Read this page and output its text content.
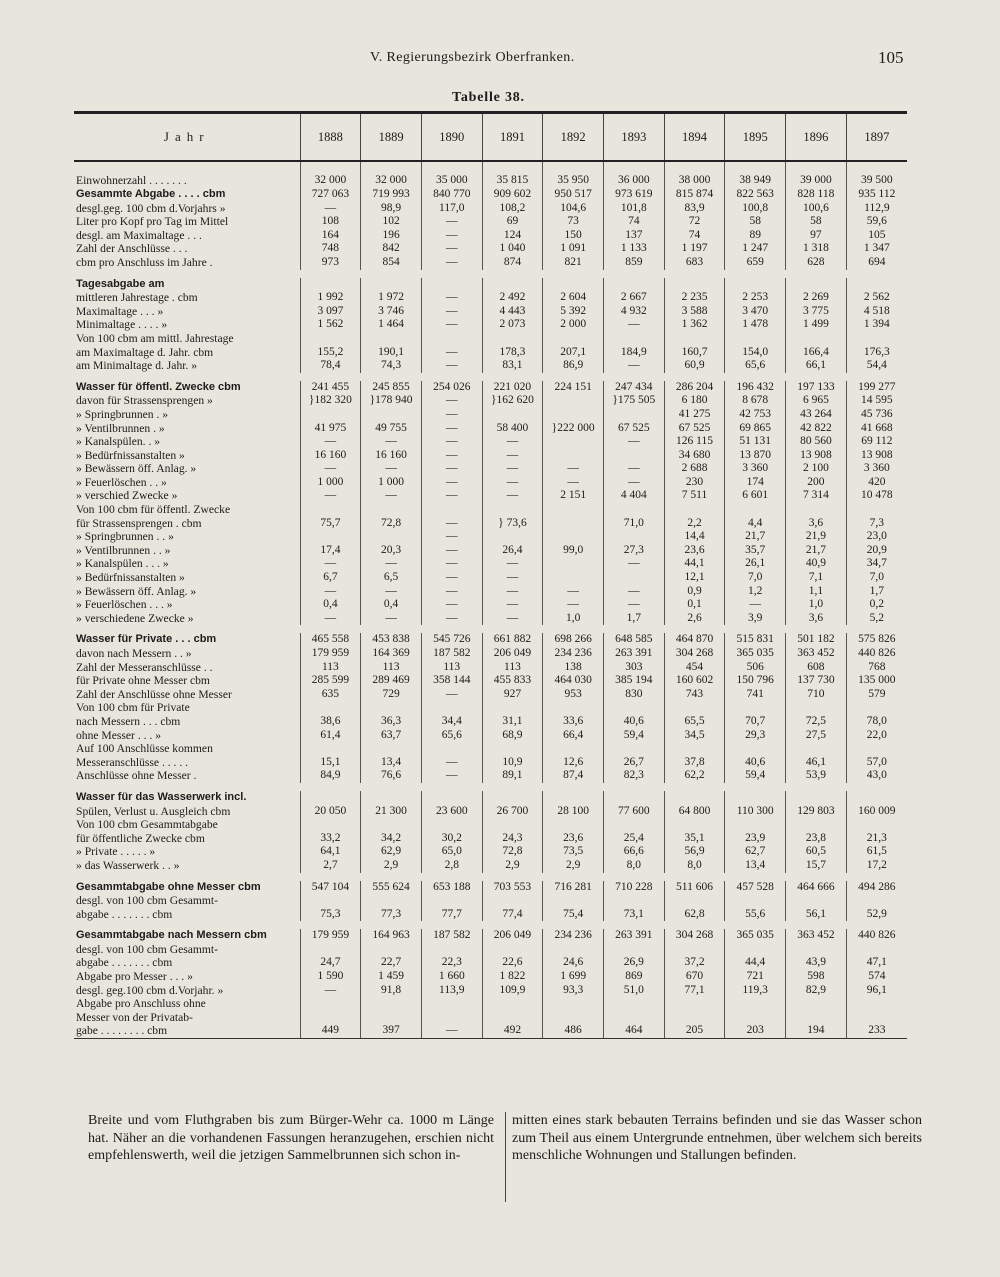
V. Regierungsbezirk Oberfranken.	105
Tabelle 38.
Jahr	1888	1889	1890	1891	1892	1893	1894	1895	1896	1897
Einwohnerzahl . . . . . . .	32 000	32 000	35 000	35 815	35 950	36 000	38 000	38 949	39 000	39 500
Gesammte Abgabe . . . . cbm	727 063	719 993	840 770	909 602	950 517	973 619	815 874	822 563	828 118	935 112
desgl.geg. 100 cbm d.Vorjahrs »	—	98,9	117,0	108,2	104,6	101,8	83,9	100,8	100,6	112,9
Liter pro Kopf pro Tag im Mittel	108	102	—	69	73	74	72	58	58	59,6
desgl. am Maximaltage . . .	164	196	—	124	150	137	74	89	97	105
Zahl der Anschlüsse . . .	748	842	—	1 040	1 091	1 133	1 197	1 247	1 318	1 347
cbm pro Anschluss im Jahre .	973	854	—	874	821	859	683	659	628	694

Tagesabgabe am										
mittleren Jahrestage . cbm	1 992	1 972	—	2 492	2 604	2 667	2 235	2 253	2 269	2 562
Maximaltage . . . »	3 097	3 746	—	4 443	5 392	4 932	3 588	3 470	3 775	4 518
Minimaltage . . . . »	1 562	1 464	—	2 073	2 000	—	1 362	1 478	1 499	1 394
Von 100 cbm am mittl. Jahrestage										
am Maximaltage d. Jahr. cbm	155,2	190,1	—	178,3	207,1	184,9	160,7	154,0	166,4	176,3
am Minimaltage d. Jahr. »	78,4	74,3	—	83,1	86,9	—	60,9	65,6	66,1	54,4

Wasser für öffentl. Zwecke cbm	241 455	245 855	254 026	221 020	224 151	247 434	286 204	196 432	197 133	199 277
davon für Strassensprengen »	}182 320	}178 940	—	}162 620		}175 505	6 180	8 678	6 965	14 595
» Springbrunnen . »			—				41 275	42 753	43 264	45 736
» Ventilbrunnen . »	41 975	49 755	—	58 400	}222 000	67 525	67 525	69 865	42 822	41 668
» Kanalspülen. . »	—	—	—	—		—	126 115	51 131	80 560	69 112
» Bedürfnissanstalten »	16 160	16 160	—	—			34 680	13 870	13 908	13 908
» Bewässern öff. Anlag. »	—	—	—	—	—	—	2 688	3 360	2 100	3 360
» Feuerlöschen . . »	1 000	1 000	—	—	—	—	230	174	200	420
» verschied Zwecke »	—	—	—	—	2 151	4 404	7 511	6 601	7 314	10 478
Von 100 cbm für öffentl. Zwecke										
für Strassensprengen . cbm	75,7	72,8	—	} 73,6		71,0	2,2	4,4	3,6	7,3
» Springbrunnen . . »			—				14,4	21,7	21,9	23,0
» Ventilbrunnen . . »	17,4	20,3	—	26,4	99,0	27,3	23,6	35,7	21,7	20,9
» Kanalspülen . . . »	—	—	—	—		—	44,1	26,1	40,9	34,7
» Bedürfnissanstalten »	6,7	6,5	—	—			12,1	7,0	7,1	7,0
» Bewässern öff. Anlag. »	—	—	—	—	—	—	0,9	1,2	1,1	1,7
» Feuerlöschen . . . »	0,4	0,4	—	—	—	—	0,1	—	1,0	0,2
» verschiedene Zwecke »	—	—	—	—	1,0	1,7	2,6	3,9	3,6	5,2

Wasser für Private . . . cbm	465 558	453 838	545 726	661 882	698 266	648 585	464 870	515 831	501 182	575 826
davon nach Messern . . »	179 959	164 369	187 582	206 049	234 236	263 391	304 268	365 035	363 452	440 826
Zahl der Messeranschlüsse . .	113	113	113	113	138	303	454	506	608	768
für Private ohne Messer cbm	285 599	289 469	358 144	455 833	464 030	385 194	160 602	150 796	137 730	135 000
Zahl der Anschlüsse ohne Messer	635	729	—	927	953	830	743	741	710	579
Von 100 cbm für Private										
nach Messern . . . cbm	38,6	36,3	34,4	31,1	33,6	40,6	65,5	70,7	72,5	78,0
ohne Messer . . . »	61,4	63,7	65,6	68,9	66,4	59,4	34,5	29,3	27,5	22,0
Auf 100 Anschlüsse kommen										
Messeranschlüsse . . . . .	15,1	13,4	—	10,9	12,6	26,7	37,8	40,6	46,1	57,0
Anschlüsse ohne Messer .	84,9	76,6	—	89,1	87,4	82,3	62,2	59,4	53,9	43,0

Wasser für das Wasserwerk incl.										
Spülen, Verlust u. Ausgleich cbm	20 050	21 300	23 600	26 700	28 100	77 600	64 800	110 300	129 803	160 009
Von 100 cbm Gesammtabgabe										
für öffentliche Zwecke cbm	33,2	34,2	30,2	24,3	23,6	25,4	35,1	23,9	23,8	21,3
» Private . . . . . »	64,1	62,9	65,0	72,8	73,5	66,6	56,9	62,7	60,5	61,5
» das Wasserwerk . . »	2,7	2,9	2,8	2,9	2,9	8,0	8,0	13,4	15,7	17,2

Gesammtabgabe ohne Messer cbm	547 104	555 624	653 188	703 553	716 281	710 228	511 606	457 528	464 666	494 286
desgl. von 100 cbm Gesammt-										
abgabe . . . . . . . cbm	75,3	77,3	77,7	77,4	75,4	73,1	62,8	55,6	56,1	52,9

Gesammtabgabe nach Messern cbm	179 959	164 963	187 582	206 049	234 236	263 391	304 268	365 035	363 452	440 826
desgl. von 100 cbm Gesammt-										
abgabe . . . . . . . cbm	24,7	22,7	22,3	22,6	24,6	26,9	37,2	44,4	43,9	47,1
Abgabe pro Messer . . . »	1 590	1 459	1 660	1 822	1 699	869	670	721	598	574
desgl. geg.100 cbm d.Vorjahr. »	—	91,8	113,9	109,9	93,3	51,0	77,1	119,3	82,9	96,1
Abgabe pro Anschluss ohne										
Messer von der Privatab-										
gabe . . . . . . . . cbm	449	397	—	492	486	464	205	203	194	233
Breite und vom Fluthgraben bis zum Bürger-Wehr ca. 1000 m Länge hat. Näher an die vorhandenen Fassungen heranzugehen, erschien nicht empfehlenswerth, weil die jetzigen Sammelbrunnen sich schon in-
mitten eines stark bebauten Terrains befinden und sie das Wasser schon zum Theil aus einem Untergrunde entnehmen, über welchem sich bereits menschliche Wohnungen und Stallungen befinden.
